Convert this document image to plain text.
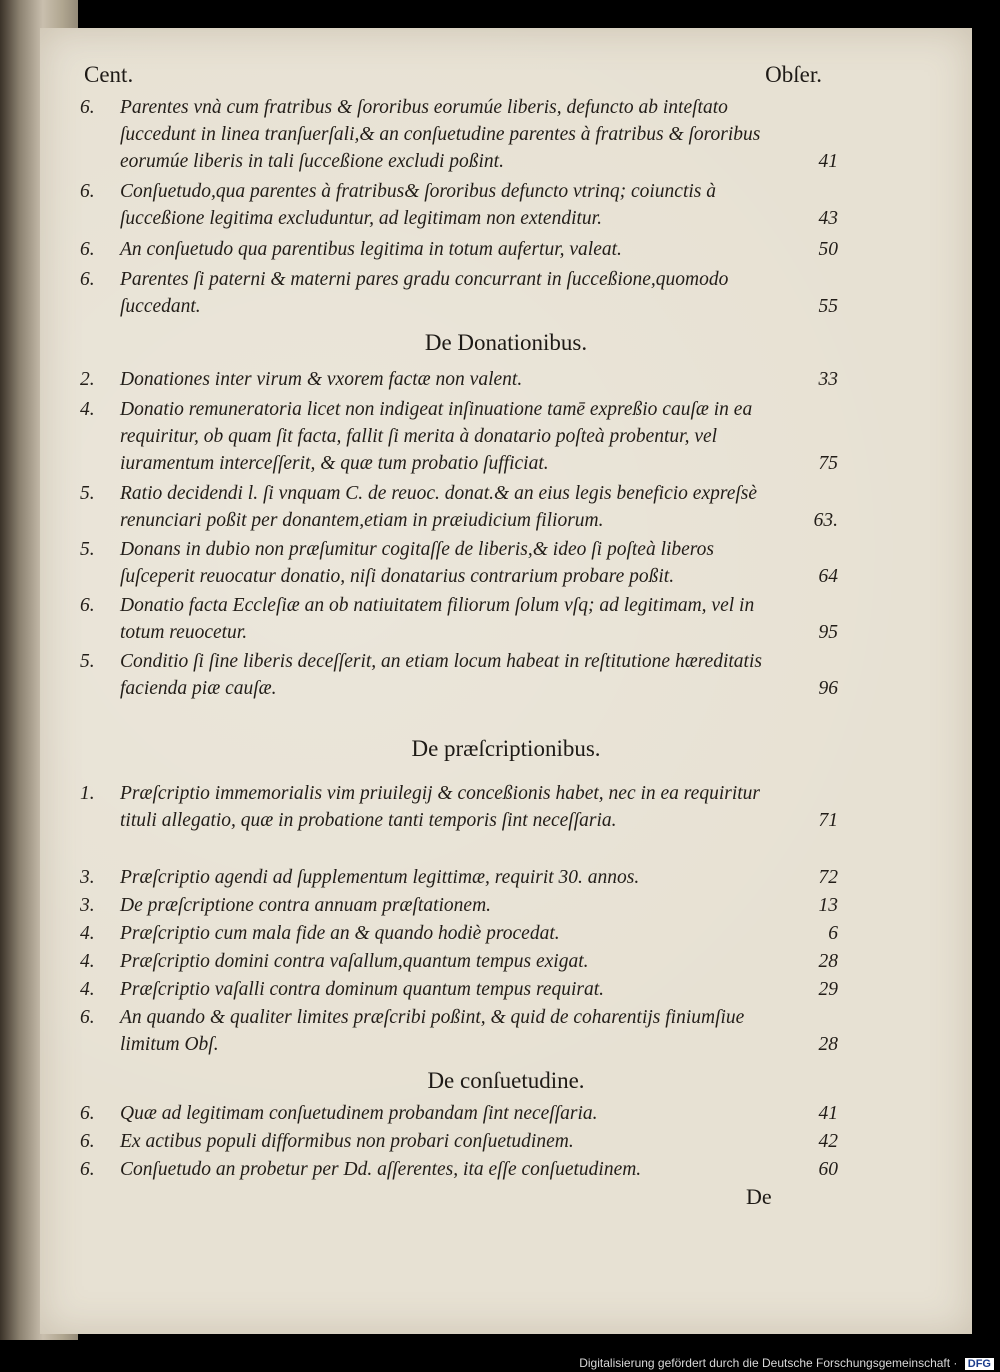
Cent.	Obſer.
6. Parentes vnà cum fratribus & ſororibus eorumúe liberis, defuncto ab inteſtato ſuccedunt in linea tranſuerſali,& an conſuetudine parentes à fratribus & ſororibus eorumúe liberis in tali ſucceßione excludi poßint.	41
6. Conſuetudo,qua parentes à fratribus& ſororibus defuncto vtrinq; coiunctis à ſucceßione legitima excluduntur, ad legitimam non extenditur.	43
6. An conſuetudo qua parentibus legitima in totum aufertur, valeat.	50
6. Parentes ſi paterni & materni pares gradu concurrant in ſucceßione,quomodo ſuccedant.	55
De Donationibus.
2. Donationes inter virum & vxorem factæ non valent.	33
4. Donatio remuneratoria licet non indigeat inſinuatione tamē expreßio cauſæ in ea requiritur, ob quam ſit facta, fallit ſi merita à donatario poſteà probentur, vel iuramentum interceſſerit, & quæ tum probatio ſufficiat.	75
5. Ratio decidendi l. ſi vnquam C. de reuoc. donat.& an eius legis beneficio expreſsè renunciari poßit per donantem,etiam in præiudicium filiorum.	63.
5. Donans in dubio non præſumitur cogitaſſe de liberis,& ideo ſi poſteà liberos ſuſceperit reuocatur donatio, niſi donatarius contrarium probare poßit.	64
6. Donatio facta Eccleſiæ an ob natiuitatem filiorum ſolum vſq; ad legitimam, vel in totum reuocetur.	95
5. Conditio ſi ſine liberis deceſſerit, an etiam locum habeat in reſtitutione hæreditatis facienda piæ cauſæ.	96
De præſcriptionibus.
1. Præſcriptio immemorialis vim priuilegij & conceßionis habet, nec in ea requiritur tituli allegatio, quæ in probatione tanti temporis ſint neceſſaria.	71
3. Præſcriptio agendi ad ſupplementum legittimæ, requirit 30. annos.	72
3. De præſcriptione contra annuam præſtationem.	13
4. Præſcriptio cum mala fide an & quando hodiè procedat.	6
4. Præſcriptio domini contra vaſallum,quantum tempus exigat.	28
4. Præſcriptio vaſalli contra dominum quantum tempus requirat.	29
6. An quando & qualiter limites præſcribi poßint, & quid de coharentijs finiumſiue limitum Obſ.	28
De conſuetudine.
6. Quæ ad legitimam conſuetudinem probandam ſint neceſſaria.	41
6. Ex actibus populi difformibus non probari conſuetudinem.	42
6. Conſuetudo an probetur per Dd. aſſerentes, ita eſſe conſuetudinem.	60
De
Digitalisierung gefördert durch die Deutsche Forschungsgemeinschaft · DFG
